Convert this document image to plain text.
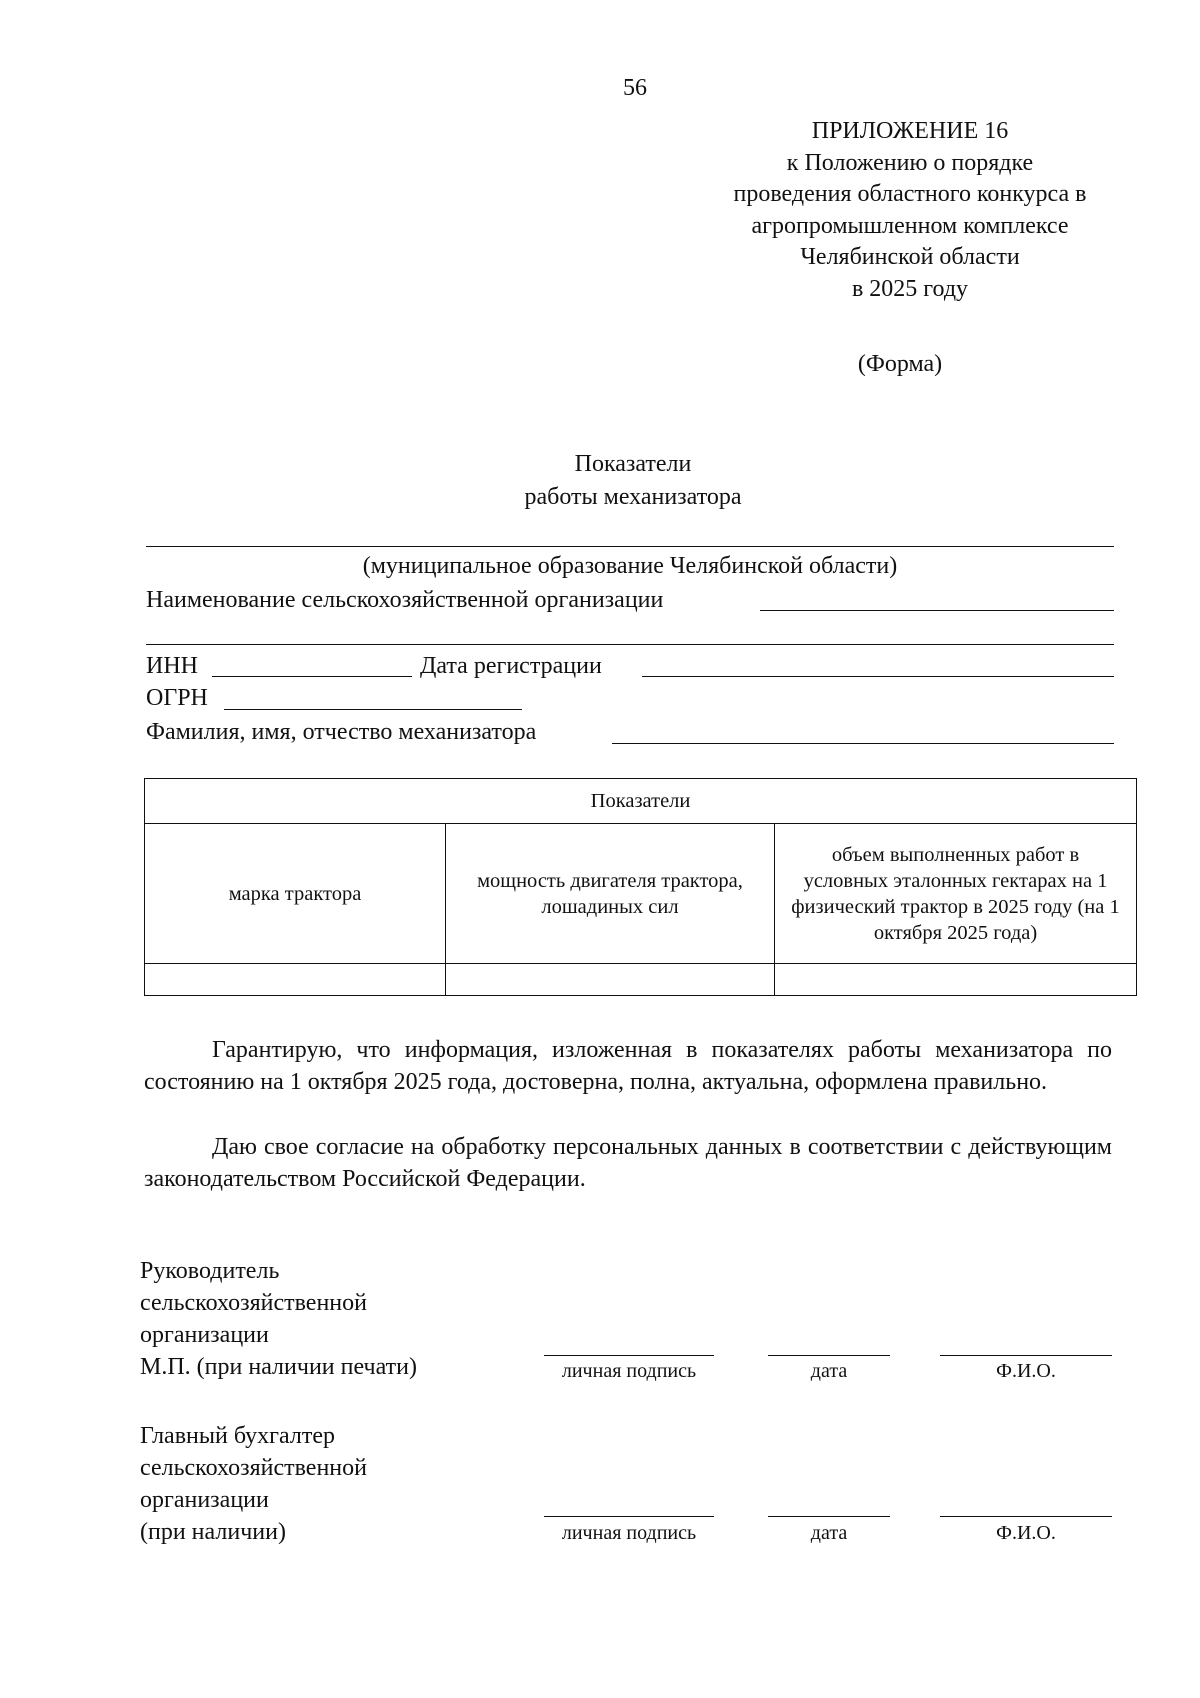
56
ПРИЛОЖЕНИЕ 16
к Положению о порядке
проведения областного конкурса в
агропромышленном комплексе
Челябинской области
в 2025 году
(Форма)
Показатели
работы механизатора
(муниципальное образование Челябинской области)
Наименование сельскохозяйственной организации
ИНН	Дата регистрации
ОГРН
Фамилия, имя, отчество механизатора
Показатели		
марка трактора	мощность двигателя трактора, лошадиных сил	объем выполненных работ в условных эталонных гектарах на 1 физический трактор в 2025 году (на 1 октября 2025 года)

Гарантирую, что информация, изложенная в показателях работы механизатора по состоянию на 1 октября 2025 года, достоверна, полна, актуальна, оформлена правильно.
Даю свое согласие на обработку персональных данных в соответствии с действующим законодательством Российской Федерации.
Руководитель
сельскохозяйственной
организации
М.П. (при наличии печати)	личная подпись	дата	Ф.И.О.
Главный бухгалтер
сельскохозяйственной
организации
(при наличии)	личная подпись	дата	Ф.И.О.
